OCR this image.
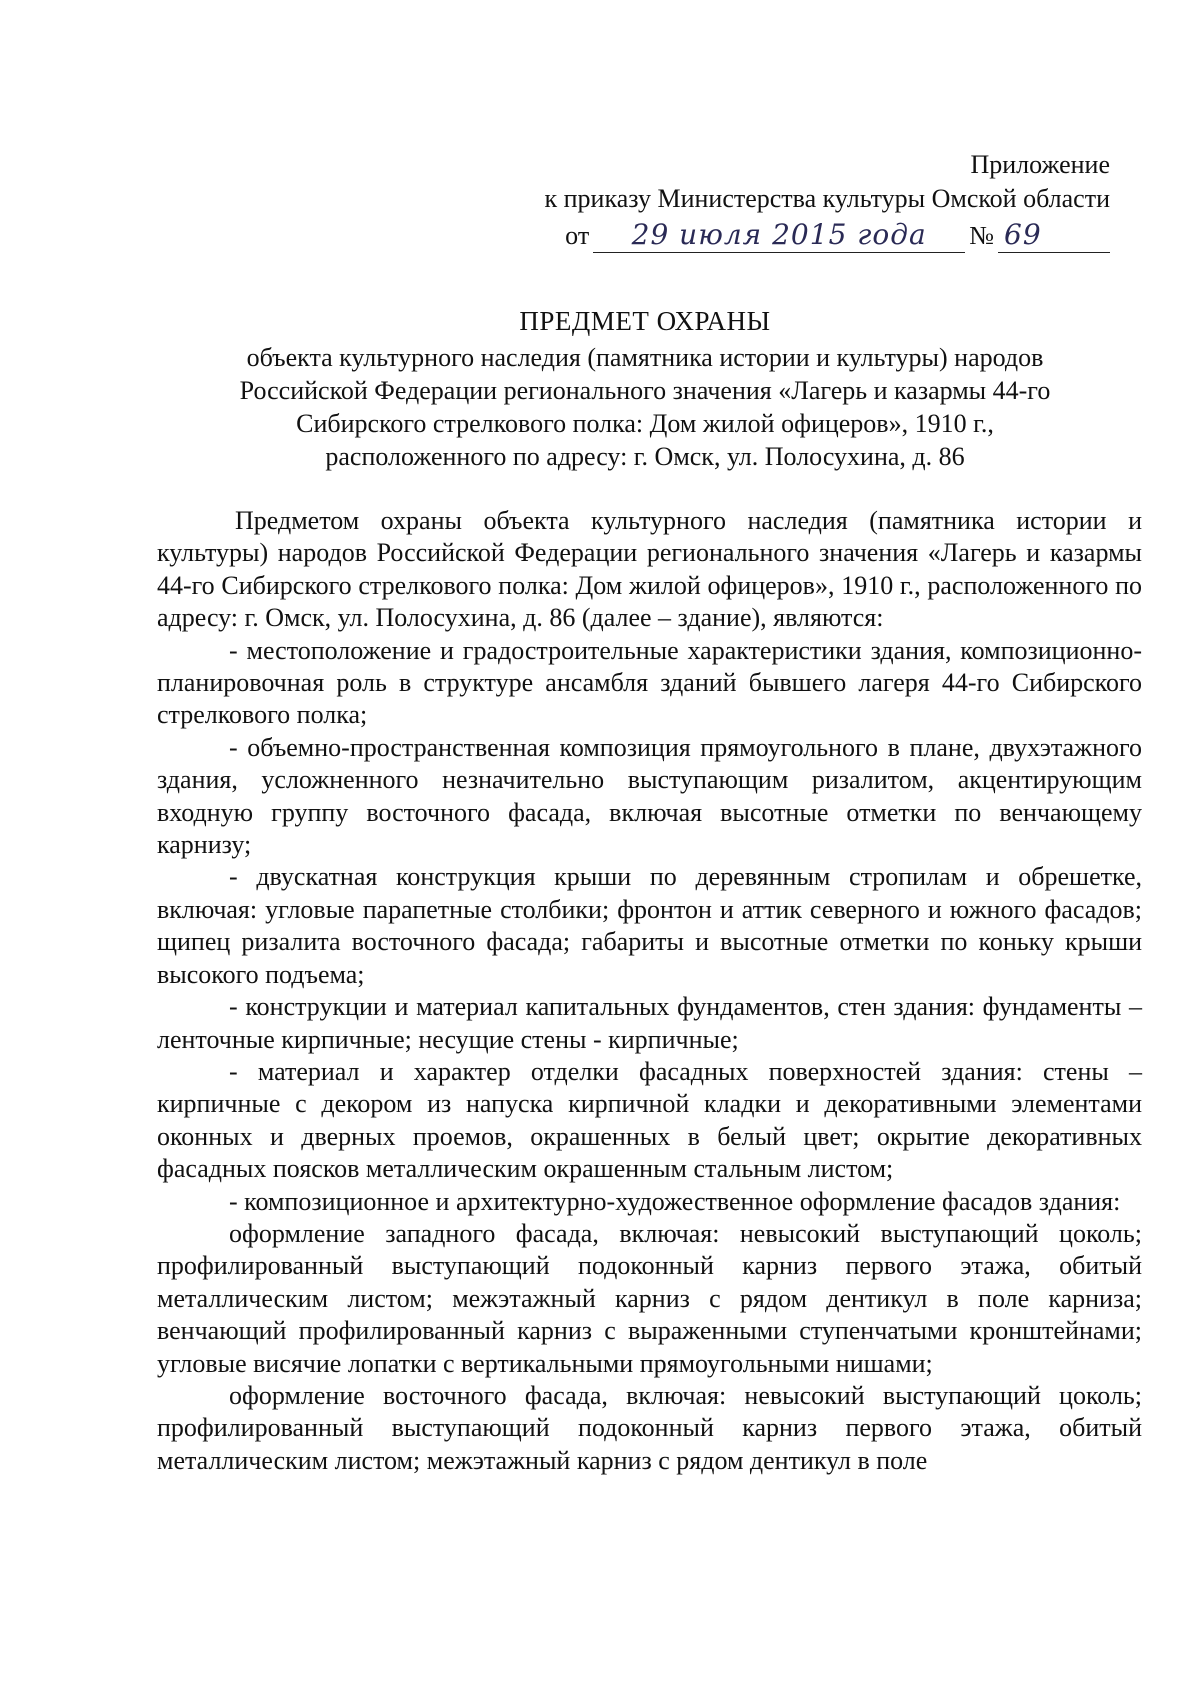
Приложение
к приказу Министерства культуры Омской области
от	29 июля 2015 года	№ 69
ПРЕДМЕТ ОХРАНЫ
объекта культурного наследия (памятника истории и культуры) народов
Российской Федерации регионального значения «Лагерь и казармы 44-го
Сибирского стрелкового полка: Дом жилой офицеров», 1910 г.,
расположенного по адресу: г. Омск, ул. Полосухина, д. 86

Предметом охраны объекта культурного наследия (памятника истории и культуры) народов Российской Федерации регионального значения «Лагерь и казармы 44-го Сибирского стрелкового полка: Дом жилой офицеров», 1910 г., расположенного по адресу: г. Омск, ул. Полосухина, д. 86 (далее – здание), являются:

- местоположение и градостроительные характеристики здания, композиционно-планировочная роль в структуре ансамбля зданий бывшего лагеря 44-го Сибирского стрелкового полка;

- объемно-пространственная композиция прямоугольного в плане, двухэтажного здания, усложненного незначительно выступающим ризалитом, акцентирующим входную группу восточного фасада, включая высотные отметки по венчающему карнизу;

- двускатная конструкция крыши по деревянным стропилам и обрешетке, включая: угловые парапетные столбики; фронтон и аттик северного и южного фасадов; щипец ризалита восточного фасада; габариты и высотные отметки по коньку крыши высокого подъема;

- конструкции и материал капитальных фундаментов, стен здания: фундаменты – ленточные кирпичные; несущие стены - кирпичные;

- материал и характер отделки фасадных поверхностей здания: стены – кирпичные с декором из напуска кирпичной кладки и декоративными элементами оконных и дверных проемов, окрашенных в белый цвет; окрытие декоративных фасадных поясков металлическим окрашенным стальным листом;

- композиционное и архитектурно-художественное оформление фасадов здания:

оформление западного фасада, включая: невысокий выступающий цоколь; профилированный выступающий подоконный карниз первого этажа, обитый металлическим листом; межэтажный карниз с рядом дентикул в поле карниза; венчающий профилированный карниз с выраженными ступенчатыми кронштейнами; угловые висячие лопатки с вертикальными прямоугольными нишами;

оформление восточного фасада, включая: невысокий выступающий цоколь; профилированный выступающий подоконный карниз первого этажа, обитый металлическим листом; межэтажный карниз с рядом дентикул в поле
